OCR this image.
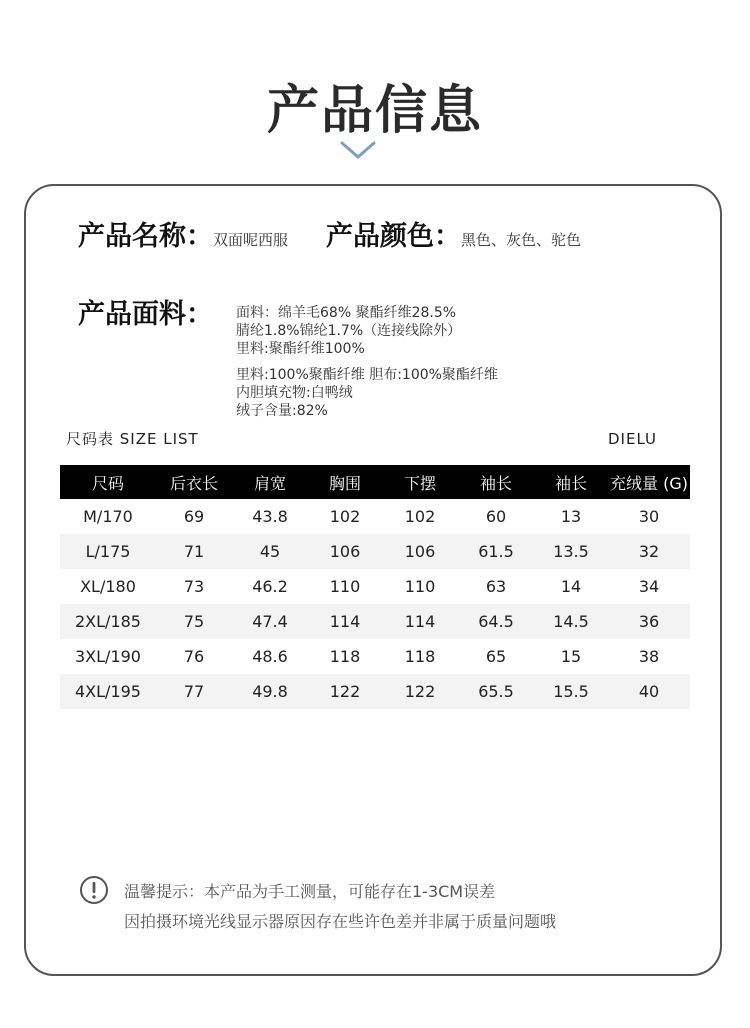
产品信息
产品名称： 双面呢西服 产品颜色： 黑色、灰色、驼色
产品面料： 面料：绵羊毛68% 聚酯纤维28.5%
腈纶1.8%锦纶1.7%（连接线除外）
里料:聚酯纤维100%
里料:100%聚酯纤维 胆布:100%聚酯纤维
内胆填充物:白鸭绒
绒子含量:82%
尺码表 SIZE LIST	DIELU
尺码	后衣长	肩宽	胸围	下摆	袖长	袖长	充绒量 (G)
M/170	69	43.8	102	102	60	13	30
L/175	71	45	106	106	61.5	13.5	32
XL/180	73	46.2	110	110	63	14	34
2XL/185	75	47.4	114	114	64.5	14.5	36
3XL/190	76	48.6	118	118	65	15	38
4XL/195	77	49.8	122	122	65.5	15.5	40
温馨提示：本产品为手工测量，可能存在1-3CM误差
因拍摄环境光线显示器原因存在些许色差并非属于质量问题哦
